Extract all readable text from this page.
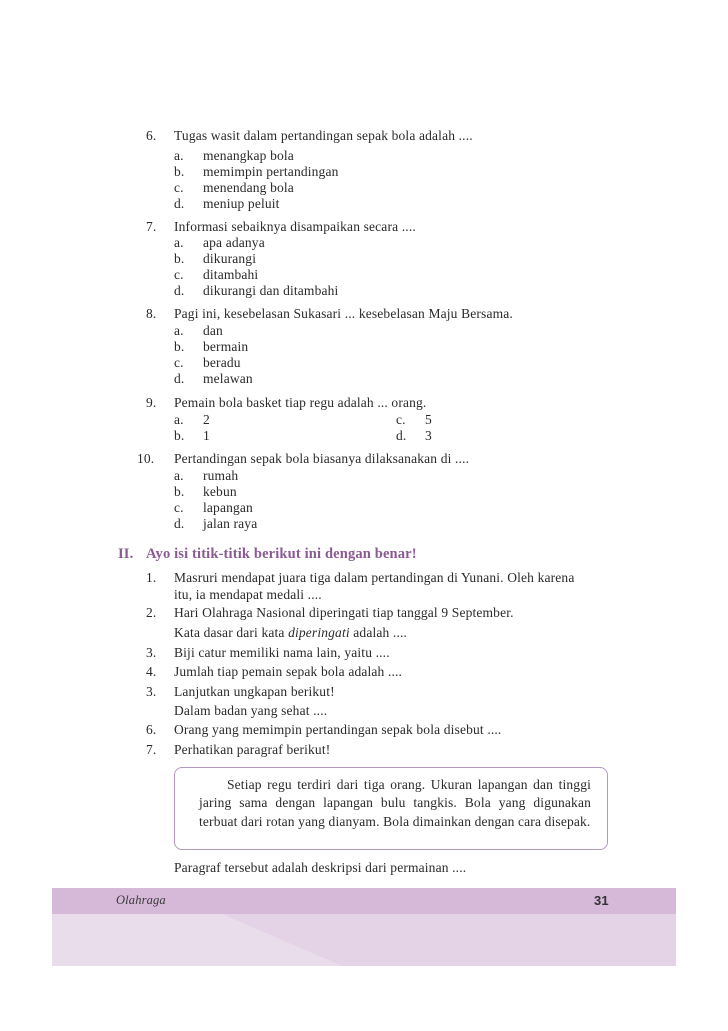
6.	Tugas wasit dalam pertandingan sepak bola adalah ....
a. menangkap bola
b. memimpin pertandingan
c. menendang bola
d. meniup peluit
7.	Informasi sebaiknya disampaikan secara ....
a. apa adanya
b. dikurangi
c. ditambahi
d. dikurangi dan ditambahi
8.	Pagi ini, kesebelasan Sukasari ... kesebelasan Maju Bersama.
a. dan
b. bermain
c. beradu
d. melawan
9.	Pemain bola basket tiap regu adalah ... orang.
a. 2	c. 5
b. 1	d. 3
10.	Pertandingan sepak bola biasanya dilaksanakan di ....
a. rumah
b. kebun
c. lapangan
d. jalan raya
II. Ayo isi titik-titik berikut ini dengan benar!
1.	Masruri mendapat juara tiga dalam pertandingan di Yunani. Oleh karena
itu, ia mendapat medali ....
2.	Hari Olahraga Nasional diperingati tiap tanggal 9 September.
Kata dasar dari kata diperingati adalah ....
3.	Biji catur memiliki nama lain, yaitu ....
4.	Jumlah tiap pemain sepak bola adalah ....
3.	Lanjutkan ungkapan berikut!
Dalam badan yang sehat ....
6.	Orang yang memimpin pertandingan sepak bola disebut ....
7.	Perhatikan paragraf berikut!

Setiap regu terdiri dari tiga orang. Ukuran lapangan dan tinggi jaring sama dengan lapangan bulu tangkis. Bola yang digunakan terbuat dari rotan yang dianyam. Bola dimainkan dengan cara disepak.

Paragraf tersebut adalah deskripsi dari permainan ....
Olahraga	31
